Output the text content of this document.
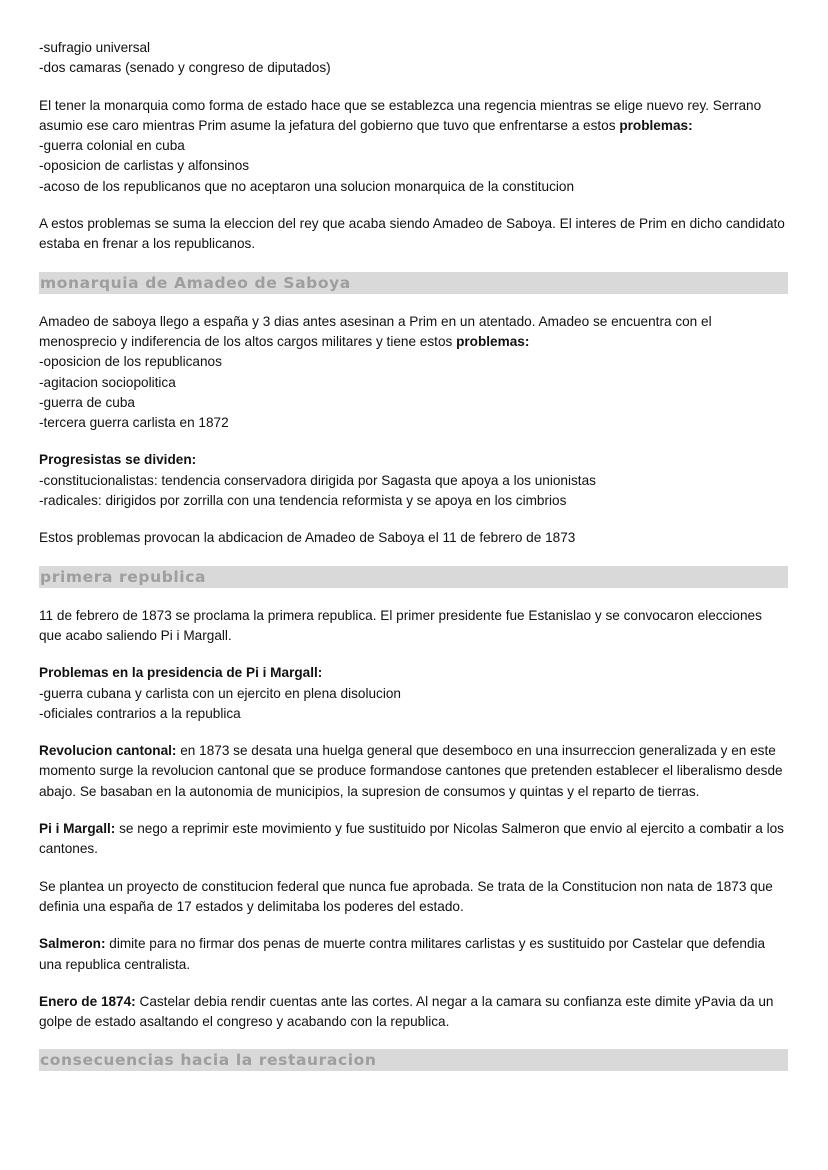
-sufragio universal
-dos camaras (senado y congreso de diputados)

El tener la monarquia como forma de estado hace que se establezca una regencia mientras se elige nuevo rey. Serrano asumio ese caro mientras Prim asume la jefatura del gobierno que tuvo que enfrentarse a estos problemas:

-guerra colonial en cuba
-oposicion de carlistas y alfonsinos
-acoso de los republicanos que no aceptaron una solucion monarquica de la constitucion

A estos problemas se suma la eleccion del rey que acaba siendo Amadeo de Saboya. El interes de Prim en dicho candidato estaba en frenar a los republicanos.

monarquia de Amadeo de Saboya

Amadeo de saboya llego a españa y 3 dias antes asesinan a Prim en un atentado. Amadeo se encuentra con el menosprecio y indiferencia de los altos cargos militares y tiene estos problemas:

-oposicion de los republicanos
-agitacion sociopolitica
-guerra de cuba
-tercera guerra carlista en 1872

Progresistas se dividen:

-constitucionalistas: tendencia conservadora dirigida por Sagasta que apoya a los unionistas
-radicales: dirigidos por zorrilla con una tendencia reformista y se apoya en los cimbrios

Estos problemas provocan la abdicacion de Amadeo de Saboya el 11 de febrero de 1873

primera republica

11 de febrero de 1873 se proclama la primera republica. El primer presidente fue Estanislao y se convocaron elecciones que acabo saliendo Pi i Margall.

Problemas en la presidencia de Pi i Margall:

-guerra cubana y carlista con un ejercito en plena disolucion
-oficiales contrarios a la republica

Revolucion cantonal: en 1873 se desata una huelga general que desemboco en una insurreccion generalizada y en este momento surge la revolucion cantonal que se produce formandose cantones que pretenden establecer el liberalismo desde abajo. Se basaban en la autonomia de municipios, la supresion de consumos y quintas y el reparto de tierras.

Pi i Margall: se nego a reprimir este movimiento y fue sustituido por Nicolas Salmeron que envio al ejercito a combatir a los cantones.

Se plantea un proyecto de constitucion federal que nunca fue aprobada. Se trata de la Constitucion non nata de 1873 que definia una españa de 17 estados y delimitaba los poderes del estado.

Salmeron: dimite para no firmar dos penas de muerte contra militares carlistas y es sustituido por Castelar que defendia una republica centralista.

Enero de 1874: Castelar debia rendir cuentas ante las cortes. Al negar a la camara su confianza este dimite yPavia da un golpe de estado asaltando el congreso y acabando con la republica.

consecuencias hacia la restauracion
